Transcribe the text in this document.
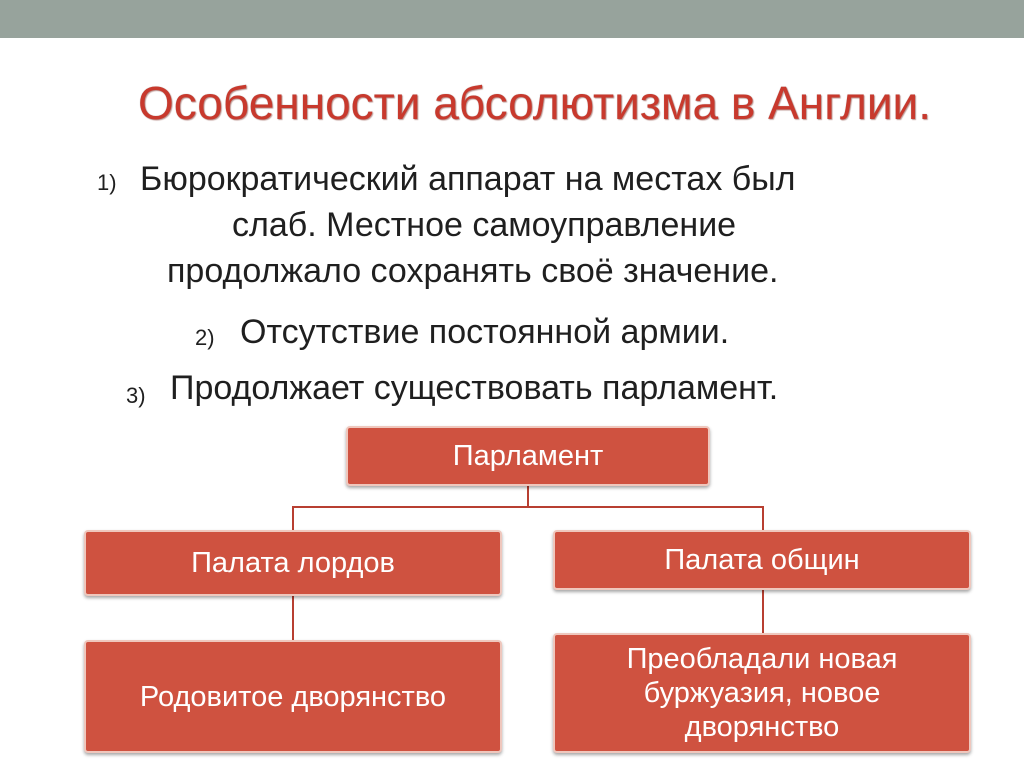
Особенности абсолютизма в Англии.
1) Бюрократический аппарат на местах был
слаб. Местное самоуправление
продолжало сохранять своё значение.
2) Отсутствие постоянной армии.
3) Продолжает существовать парламент.
Парламент
Палата лордов	Палата общин
Родовитое дворянство
Преобладали новая
буржуазия, новое
дворянство
